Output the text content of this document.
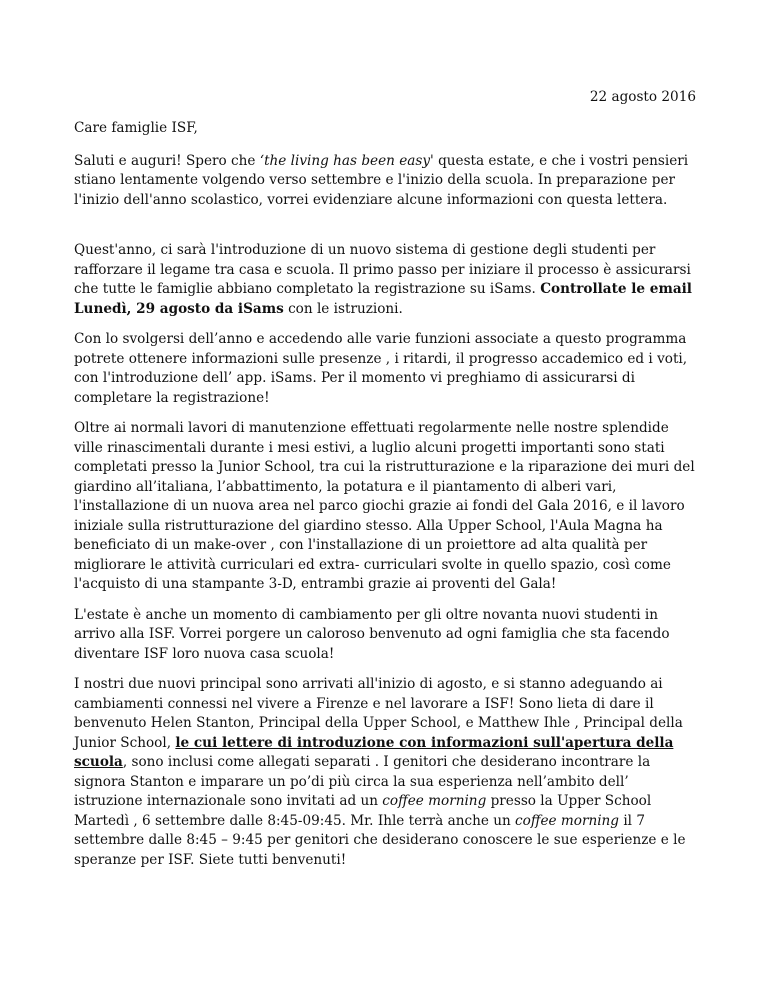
22 agosto 2016

Care famiglie ISF,

Saluti e auguri! Spero che ‘the living has been easy' questa estate, e che i vostri pensieri stiano lentamente volgendo verso settembre e l'inizio della scuola. In preparazione per l'inizio dell'anno scolastico, vorrei evidenziare alcune informazioni con questa lettera.

Quest'anno, ci sarà l'introduzione di un nuovo sistema di gestione degli studenti per rafforzare il legame tra casa e scuola. Il primo passo per iniziare il processo è assicurarsi che tutte le famiglie abbiano completato la registrazione su iSams. Controllate le email Lunedì, 29 agosto da iSams con le istruzioni.

Con lo svolgersi dell’anno e accedendo alle varie funzioni associate a questo programma potrete ottenere informazioni sulle presenze , i ritardi, il progresso accademico ed i voti, con l'introduzione dell’ app. iSams. Per il momento vi preghiamo di assicurarsi di completare la registrazione!

Oltre ai normali lavori di manutenzione effettuati regolarmente nelle nostre splendide ville rinascimentali durante i mesi estivi, a luglio alcuni progetti importanti sono stati completati presso la Junior School, tra cui la ristrutturazione e la riparazione dei muri del giardino all’italiana, l’abbattimento, la potatura e il piantamento di alberi vari, l'installazione di un nuova area nel parco giochi grazie ai fondi del Gala 2016, e il lavoro iniziale sulla ristrutturazione del giardino stesso. Alla Upper School, l'Aula Magna ha beneficiato di un make-over , con l'installazione di un proiettore ad alta qualità per migliorare le attività curriculari ed extra- curriculari svolte in quello spazio, così come l'acquisto di una stampante 3-D, entrambi grazie ai proventi del Gala!

L'estate è anche un momento di cambiamento per gli oltre novanta nuovi studenti in arrivo alla ISF. Vorrei porgere un caloroso benvenuto ad ogni famiglia che sta facendo diventare ISF loro nuova casa scuola!

I nostri due nuovi principal sono arrivati all'inizio di agosto, e si stanno adeguando ai cambiamenti connessi nel vivere a Firenze e nel lavorare a ISF! Sono lieta di dare il benvenuto Helen Stanton, Principal della Upper School, e Matthew Ihle , Principal della Junior School, le cui lettere di introduzione con informazioni sull'apertura della scuola, sono inclusi come allegati separati . I genitori che desiderano incontrare la signora Stanton e imparare un po’di più circa la sua esperienza nell’ambito dell’ istruzione internazionale sono invitati ad un coffee morning presso la Upper School Martedì , 6 settembre dalle 8:45-09:45. Mr. Ihle terrà anche un coffee morning il 7 settembre dalle 8:45 – 9:45 per genitori che desiderano conoscere le sue esperienze e le speranze per ISF. Siete tutti benvenuti!
